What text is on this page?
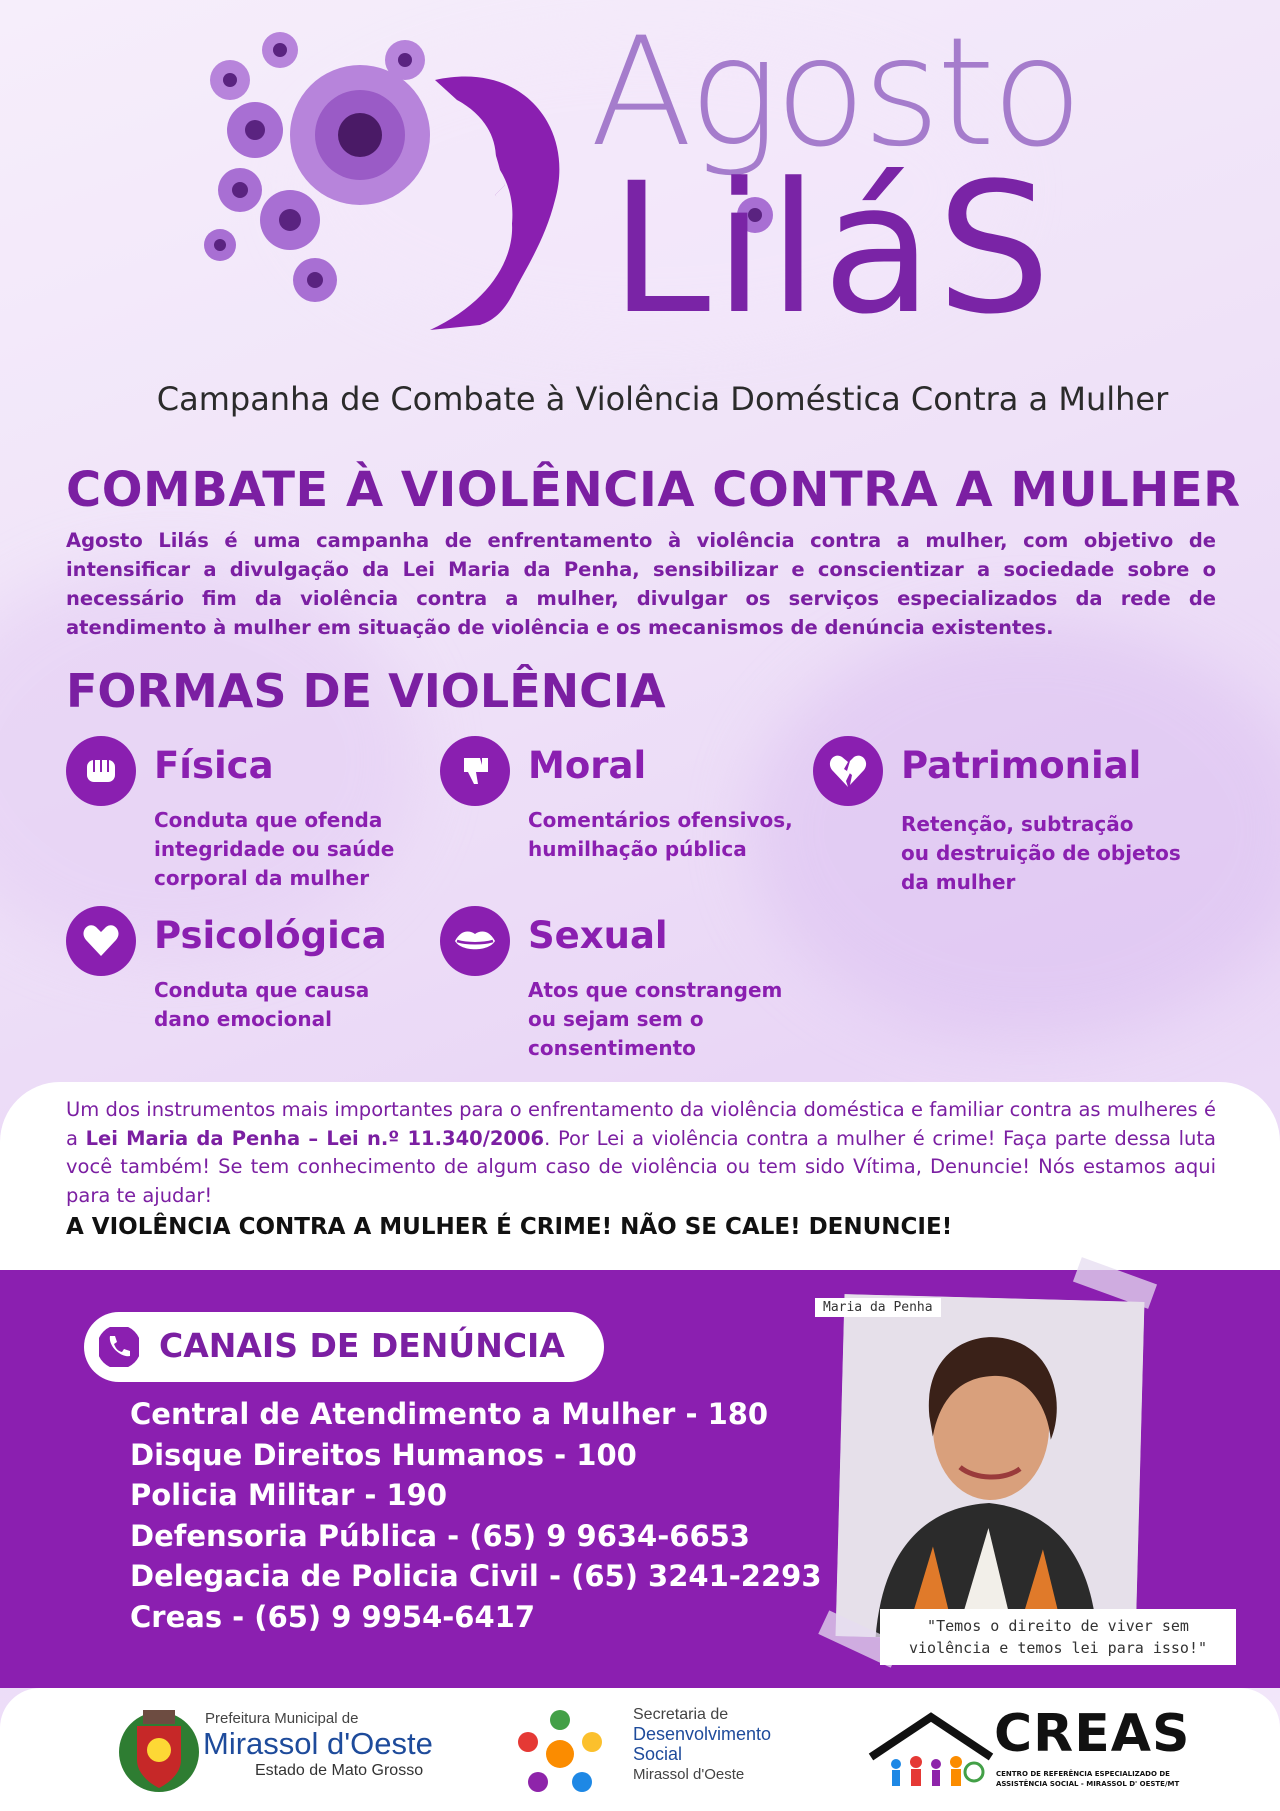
Agosto
LiláS
Campanha de Combate à Violência Doméstica Contra a Mulher
COMBATE À VIOLÊNCIA CONTRA A MULHER
Agosto Lilás é uma campanha de enfrentamento à violência contra a mulher, com objetivo de intensificar a divulgação da Lei Maria da Penha, sensibilizar e conscientizar a sociedade sobre o necessário fim da violência contra a mulher, divulgar os serviços especializados da rede de atendimento à mulher em situação de violência e os mecanismos de denúncia existentes.
FORMAS DE VIOLÊNCIA
Física
Conduta que ofenda
integridade ou saúde
corporal da mulher
Moral
Comentários ofensivos,
humilhação pública
Patrimonial
Retenção, subtração
ou destruição de objetos
da mulher
Psicológica
Conduta que causa
dano emocional
Sexual
Atos que constrangem
ou sejam sem o
consentimento
Um dos instrumentos mais importantes para o enfrentamento da violência doméstica e familiar contra as mulheres é a Lei Maria da Penha – Lei n.º 11.340/2006. Por Lei a violência contra a mulher é crime! Faça parte dessa luta você também! Se tem conhecimento de algum caso de violência ou tem sido Vítima, Denuncie! Nós estamos aqui para te ajudar!
A VIOLÊNCIA CONTRA A MULHER É CRIME! NÃO SE CALE! DENUNCIE!
CANAIS DE DENÚNCIA
Central de Atendimento a Mulher - 180
Disque Direitos Humanos - 100
Policia Militar - 190
Defensoria Pública - (65) 9 9634-6653
Delegacia de Policia Civil - (65) 3241-2293
Creas - (65) 9 9954-6417
Maria da Penha
"Temos o direito de viver sem
violência e temos lei para isso!"
Prefeitura Municipal de
Mirassol d'Oeste
Estado de Mato Grosso
Secretaria de
Desenvolvimento
Social
Mirassol d'Oeste
CREAS
CENTRO DE REFERÊNCIA ESPECIALIZADO DE
ASSISTÊNCIA SOCIAL - MIRASSOL D' OESTE/MT
